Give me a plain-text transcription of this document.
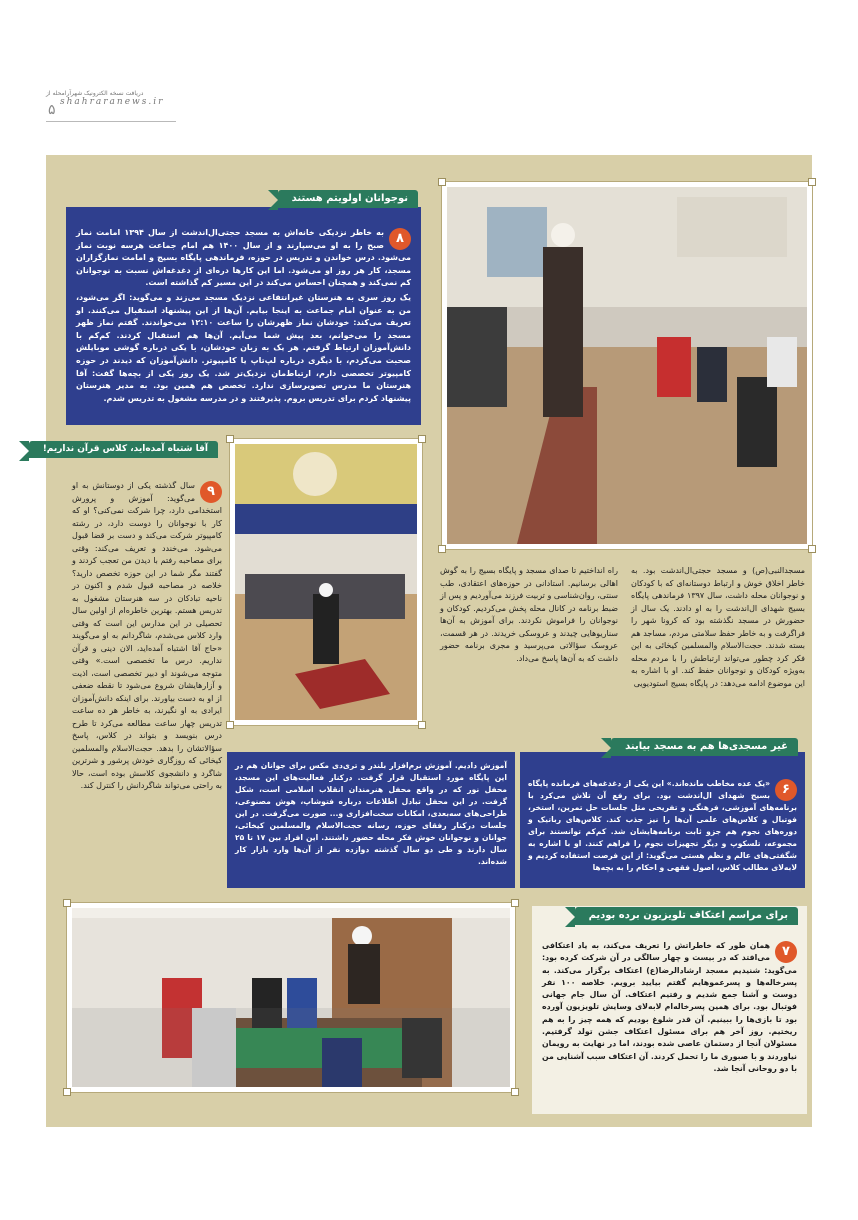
دریافت نسخه الکترونیک شهرآرامحله از
shahraranews.ir
۵
۸

به خاطر نزدیکی خانه‌اش به مسجد حجتی‌ال‌اندشت از سال ۱۳۹۴ امامت نماز صبح را به او می‌سپارند و از سال ۱۴۰۰ هم امام جماعت هرسه نوبت نماز می‌شود. درس خواندن و تدریس در حوزه، فرماندهی پایگاه بسیج و امامت نمازگزاران مسجد، کار هر روز او می‌شود. اما این کارها دره‌ای از دغدغه‌اش نسبت به نوجوانان کم نمی‌کند و همچنان احساس می‌کند در این مسیر کم گذاشته است.

یک روز سری به هنرستان غیرانتفاعی نزدیک مسجد می‌زند و می‌گوید: اگر می‌شود، من به عنوان امام جماعت به اینجا بیایم. آن‌ها از این پیشنهاد استقبال می‌کنند. او تعریف می‌کند: خودشان نماز ظهرشان را ساعت ۱۲:۱۰ می‌خواندند. گفتم نماز ظهر مسجد را می‌خوانم، بعد پیش شما می‌آیم. آن‌ها هم استقبال کردند. کم‌کم با دانش‌آموزان ارتباط گرفتم. هر یک به زبان خودشان، با یکی درباره گوشی موبایلش صحبت می‌کردم، با دیگری درباره لپ‌تاپ یا کامپیوتر. دانش‌آموزان که دیدند در حوزه کامپیوتر تخصصی دارم، ارتباط‌مان نزدیک‌تر شد. یک روز یکی از بچه‌ها گفت: آقا هنرستان ما مدرس تصویرسازی ندارد. تخصص هم همین بود. به مدیر هنرستان پیشنهاد کردم برای تدریس بروم. پذیرفتند و در مدرسه مشغول به تدریس شدم.

نوجوانان اولویتم هستند
آقا شتباه آمده‌اید، کلاس قرآن نداریم!
۹
سال گذشته یکی از دوستانش به او می‌گوید: آموزش و پرورش استخدامی دارد، چرا شرکت نمی‌کنی؟ او که کار با نوجوانان را دوست دارد، در رشته کامپیوتر شرکت می‌کند و دست بر قضا قبول می‌شود. می‌خندد و تعریف می‌کند: وقتی برای مصاحبه رفتم با دیدن من تعجب کردند و گفتند مگر شما در این حوزه تخصص دارید؟ خلاصه در مصاحبه قبول شدم و اکنون در ناحیه تبادکان در سه هنرستان مشغول به تدریس هستم. بهترین خاطره‌ام از اولین سال تحصیلی در این مدارس این است که وقتی وارد کلاس می‌شدم، شاگردانم به او می‌گویند «حاج آقا اشتباه آمده‌اید، الان دینی و قرآن نداریم. درس ما تخصصی است.» وقتی متوجه می‌شوند او دبیر تخصصی است، اذیت و آزارهایشان شروع می‌شود تا نقطه ضعفی از او به دست بیاورند. برای اینکه دانش‌آموزان ایرادی به او نگیرند، به خاطر هر ده ساعت تدریس چهار ساعت مطالعه می‌کرد تا طرح درس بنویسد و بتواند در کلاس، پاسخ سؤالاتشان را بدهد. حجت‌الاسلام والمسلمین کیخائی که روزگاری خودش پرشور و شرترین شاگرد و دانشجوی کلاسش بوده است، حالا به راحتی می‌تواند شاگردانش را کنترل کند.
مسجدالنبی(ص) و مسجد حجتی‌ال‌اندشت بود. به خاطر اخلاق خوش و ارتباط دوستانه‌ای که با کودکان و نوجوانان محله داشت، سال ۱۳۹۷ فرماندهی پایگاه بسیج شهدای ال‌اندشت را به او دادند. یک سال از حضورش در مسجد نگذشته بود که کرونا شهر را فراگرفت و به خاطر حفظ سلامتی مردم، مساجد هم بسته شدند. حجت‌الاسلام والمسلمین کیخائی به این فکر کرد چطور می‌تواند ارتباطش را با مردم محله به‌ویژه کودکان و نوجوانان حفظ کند. او با اشاره به این موضوع ادامه می‌دهد: در پایگاه بسیج استودیویی
راه انداختیم تا صدای مسجد و پایگاه بسیج را به گوش اهالی برسانیم. استادانی در حوزه‌های اعتقادی، طب سنتی، روان‌شناسی و تربیت فرزند می‌آوردیم و پس از ضبط برنامه در کانال محله پخش می‌کردیم. کودکان و نوجوانان را فراموش نکردند. برای آموزش به آن‌ها سناریوهایی چیدند و عروسکی خریدند. در هر قسمت، عروسک سؤالاتی می‌پرسید و مجری برنامه حضور داشت که به آن‌ها پاسخ می‌داد.
۶

«یک عده مخاطب مانده‌اند.» این یکی از دغدغه‌های فرمانده پایگاه بسیج شهدای ال‌اندشت بود. برای رفع آن تلاش می‌کرد با برنامه‌های آموزشی، فرهنگی و تفریحی مثل جلسات حل تمرین، استخر، فوتبال و کلاس‌های علمی آن‌ها را نیز جذب کند. کلاس‌های رباتیک و دوره‌های نجوم هم جزو ثابت برنامه‌هایشان شد. کم‌کم توانستند برای مجموعه، تلسکوپ و دیگر تجهیزات نجوم را فراهم کنند. او با اشاره به شگفتی‌های عالم و نظم هستی می‌گوید: از این فرصت استفاده کردیم و لابه‌لای مطالب کلاس، اصول فقهی و احکام را به بچه‌ها

غیر مسجدی‌ها هم به مسجد بیایند

آموزش دادیم. آموزش نرم‌افزار بلندر و تری‌دی مکس برای جوانان هم در این پایگاه مورد استقبال قرار گرفت. درکنار فعالیت‌های این مسجد، محفل نور که در واقع محفل هنرمندان انقلاب اسلامی است، شکل گرفت. در این محفل تبادل اطلاعات درباره فتوشاپ، هوش مصنوعی، طراحی‌های سه‌بعدی، امکانات سخت‌افزاری و... صورت می‌گرفت. در این جلسات درکنار رفقای حوزه، رسانه حجت‌الاسلام والمسلمین کیخائی، جوانان و نوجوانان خوش فکر محله حضور داشتند. این افراد بین ۱۷ تا ۲۵ سال دارند و طی دو سال گذشته دوازده نفر از آن‌ها وارد بازار کار شده‌اند.

۷

همان طور که خاطراتش را تعریف می‌کند، به یاد اعتکافی می‌افتد که در بیست و چهار سالگی در آن شرکت کرده بود: می‌گوید: شنیدیم مسجد ارشادالرضا(ع) اعتکاف برگزار می‌کند. به پسرخاله‌ها و پسرعموهایم گفتم بیایید برویم. خلاصه ۱۰۰ نفر دوست و آشنا جمع شدیم و رفتیم اعتکاف. آن سال جام جهانی فوتبال بود. برای همین پسرخاله‌ام لابه‌لای وسایش تلویزیون آورده بود تا بازی‌ها را ببینیم. آن قدر شلوغ بودیم که همه چیز را به هم ریختیم. روز آخر هم برای مسئول اعتکاف جشن تولد گرفتیم. مسئولان آنجا از دستمان عاصی شده بودند، اما در نهایت به رویمان نیاوردند و با صبوری ما را تحمل کردند. آن اعتکاف سبب آشنایی من با دو روحانی آنجا شد.

برای مراسم اعتکاف تلویزیون برده بودیم
